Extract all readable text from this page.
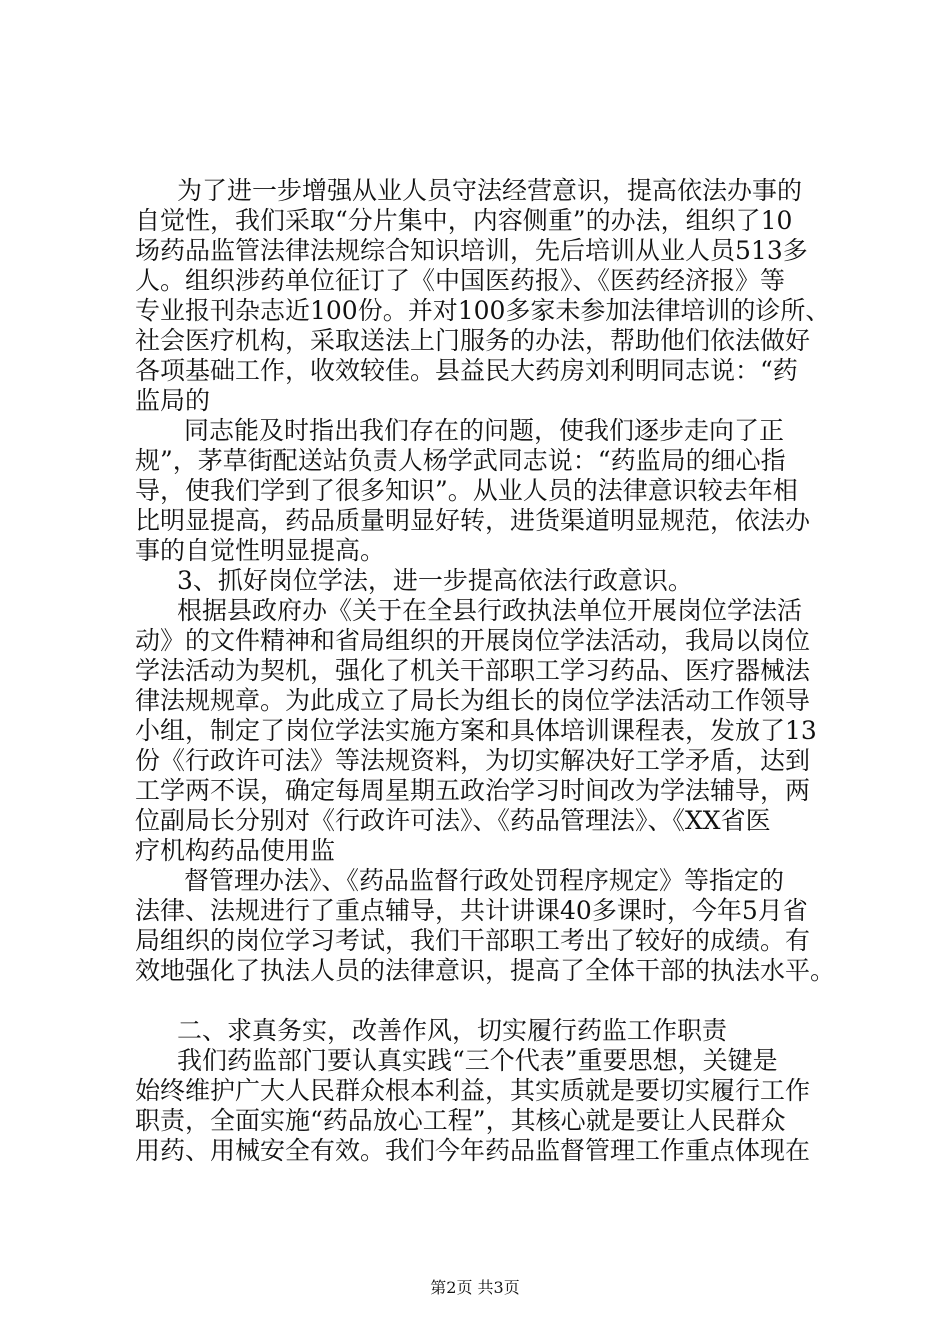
为了进一步增强从业人员守法经营意识，提高依法办事的
自觉性，我们采取“分片集中，内容侧重”的办法，组织了10
场药品监管法律法规综合知识培训，先后培训从业人员513多
人。组织涉药单位征订了《中国医药报》、《医药经济报》等
专业报刊杂志近100份。并对100多家未参加法律培训的诊所、
社会医疗机构，采取送法上门服务的办法，帮助他们依法做好
各项基础工作，收效较佳。县益民大药房刘利明同志说：“药
监局的
同志能及时指出我们存在的问题，使我们逐步走向了正
规”，茅草街配送站负责人杨学武同志说：“药监局的细心指
导，使我们学到了很多知识”。从业人员的法律意识较去年相
比明显提高，药品质量明显好转，进货渠道明显规范，依法办
事的自觉性明显提高。
3、抓好岗位学法，进一步提高依法行政意识。
根据县政府办《关于在全县行政执法单位开展岗位学法活
动》的文件精神和省局组织的开展岗位学法活动，我局以岗位
学法活动为契机，强化了机关干部职工学习药品、医疗器械法
律法规规章。为此成立了局长为组长的岗位学法活动工作领导
小组，制定了岗位学法实施方案和具体培训课程表，发放了13
份《行政许可法》等法规资料，为切实解决好工学矛盾，达到
工学两不误，确定每周星期五政治学习时间改为学法辅导，两
位副局长分别对《行政许可法》、《药品管理法》、《XX省医
疗机构药品使用监
督管理办法》、《药品监督行政处罚程序规定》等指定的
法律、法规进行了重点辅导，共计讲课40多课时，今年5月省
局组织的岗位学习考试，我们干部职工考出了较好的成绩。有
效地强化了执法人员的法律意识，提高了全体干部的执法水平。
二、求真务实，改善作风，切实履行药监工作职责
我们药监部门要认真实践“三个代表”重要思想，关键是
始终维护广大人民群众根本利益，其实质就是要切实履行工作
职责，全面实施“药品放心工程”，其核心就是要让人民群众
用药、用械安全有效。我们今年药品监督管理工作重点体现在
第2页 共3页
